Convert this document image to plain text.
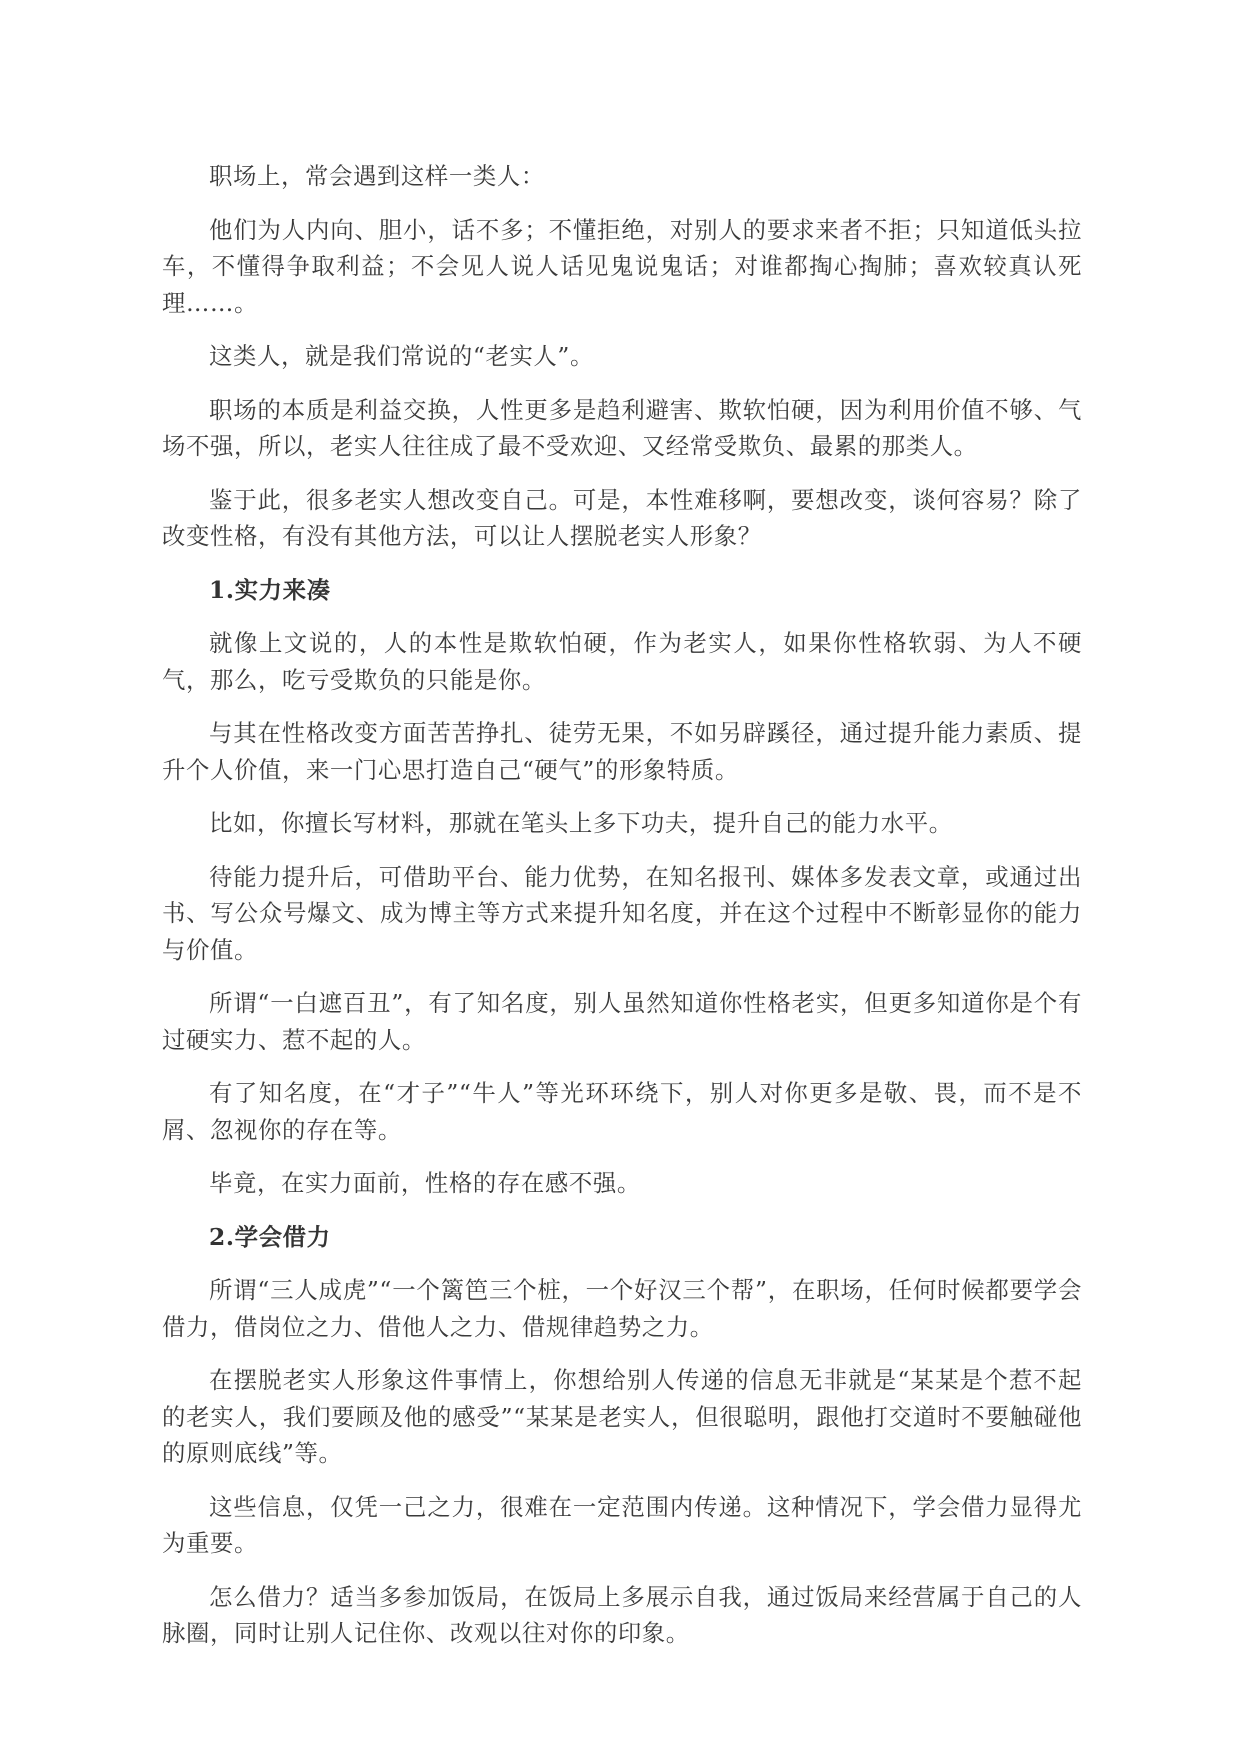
职场上，常会遇到这样一类人：

他们为人内向、胆小，话不多；不懂拒绝，对别人的要求来者不拒；只知道低头拉车，不懂得争取利益；不会见人说人话见鬼说鬼话；对谁都掏心掏肺；喜欢较真认死理……。

这类人，就是我们常说的“老实人”。

职场的本质是利益交换，人性更多是趋利避害、欺软怕硬，因为利用价值不够、气场不强，所以，老实人往往成了最不受欢迎、又经常受欺负、最累的那类人。

鉴于此，很多老实人想改变自己。可是，本性难移啊，要想改变，谈何容易？除了改变性格，有没有其他方法，可以让人摆脱老实人形象？

1.实力来凑

就像上文说的，人的本性是欺软怕硬，作为老实人，如果你性格软弱、为人不硬气，那么，吃亏受欺负的只能是你。

与其在性格改变方面苦苦挣扎、徒劳无果，不如另辟蹊径，通过提升能力素质、提升个人价值，来一门心思打造自己“硬气”的形象特质。

比如，你擅长写材料，那就在笔头上多下功夫，提升自己的能力水平。

待能力提升后，可借助平台、能力优势，在知名报刊、媒体多发表文章，或通过出书、写公众号爆文、成为博主等方式来提升知名度，并在这个过程中不断彰显你的能力与价值。

所谓“一白遮百丑”，有了知名度，别人虽然知道你性格老实，但更多知道你是个有过硬实力、惹不起的人。

有了知名度，在“才子”“牛人”等光环环绕下，别人对你更多是敬、畏，而不是不屑、忽视你的存在等。

毕竟，在实力面前，性格的存在感不强。

2.学会借力

所谓“三人成虎”“一个篱笆三个桩，一个好汉三个帮”，在职场，任何时候都要学会借力，借岗位之力、借他人之力、借规律趋势之力。

在摆脱老实人形象这件事情上，你想给别人传递的信息无非就是“某某是个惹不起的老实人，我们要顾及他的感受”“某某是老实人，但很聪明，跟他打交道时不要触碰他的原则底线”等。

这些信息，仅凭一己之力，很难在一定范围内传递。这种情况下，学会借力显得尤为重要。

怎么借力？适当多参加饭局，在饭局上多展示自我，通过饭局来经营属于自己的人脉圈，同时让别人记住你、改观以往对你的印象。
